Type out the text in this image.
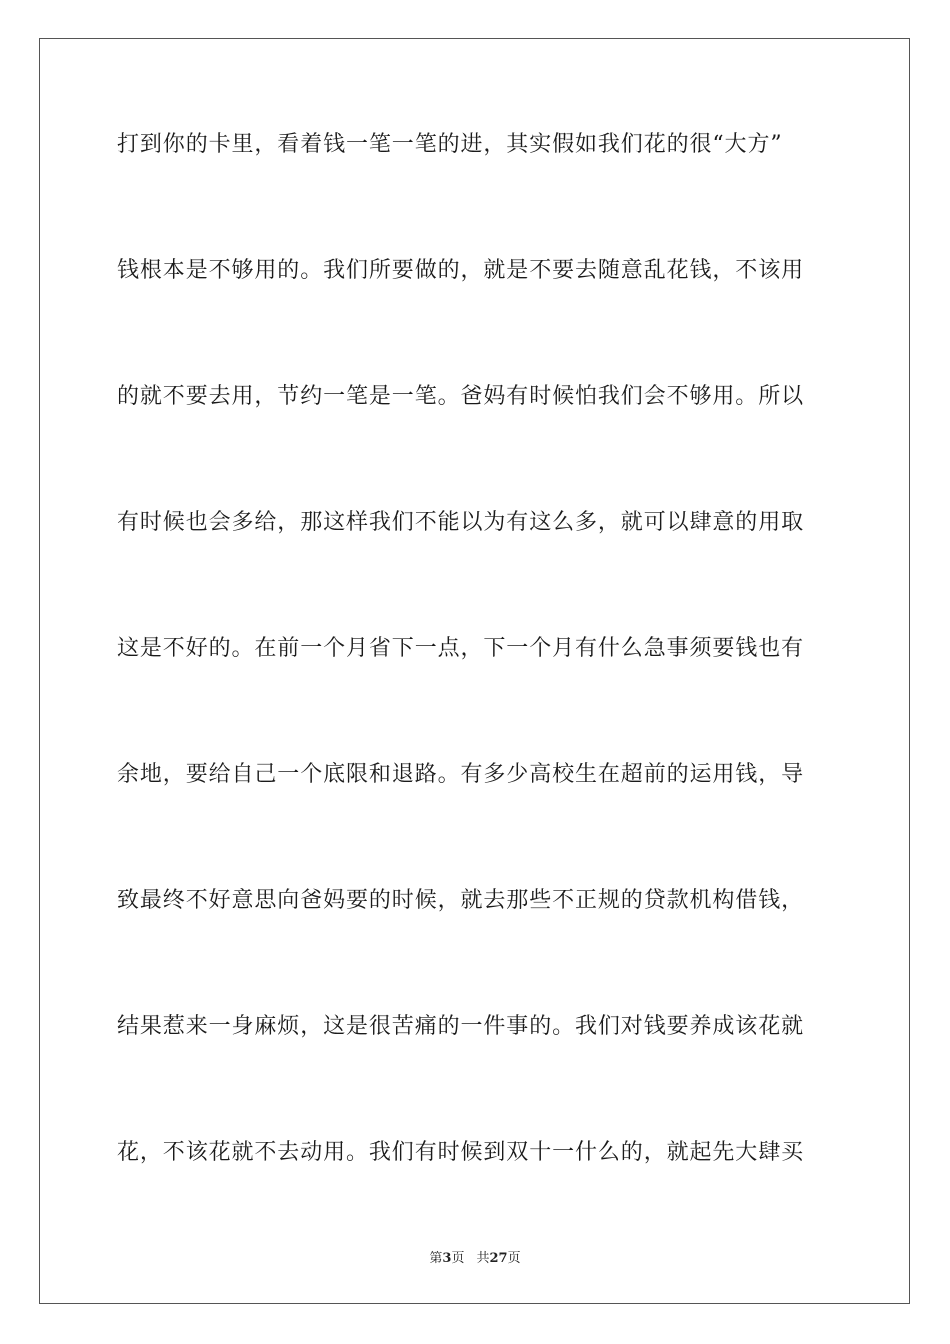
打到你的卡里，看着钱一笔一笔的进，其实假如我们花的很“大方”
钱根本是不够用的。我们所要做的，就是不要去随意乱花钱，不该用
的就不要去用，节约一笔是一笔。爸妈有时候怕我们会不够用。所以
有时候也会多给，那这样我们不能以为有这么多，就可以肆意的用取
这是不好的。在前一个月省下一点，下一个月有什么急事须要钱也有
余地，要给自己一个底限和退路。有多少高校生在超前的运用钱，导
致最终不好意思向爸妈要的时候，就去那些不正规的贷款机构借钱，
结果惹来一身麻烦，这是很苦痛的一件事的。我们对钱要养成该花就
花，不该花就不去动用。我们有时候到双十一什么的，就起先大肆买
第3页 共27页
